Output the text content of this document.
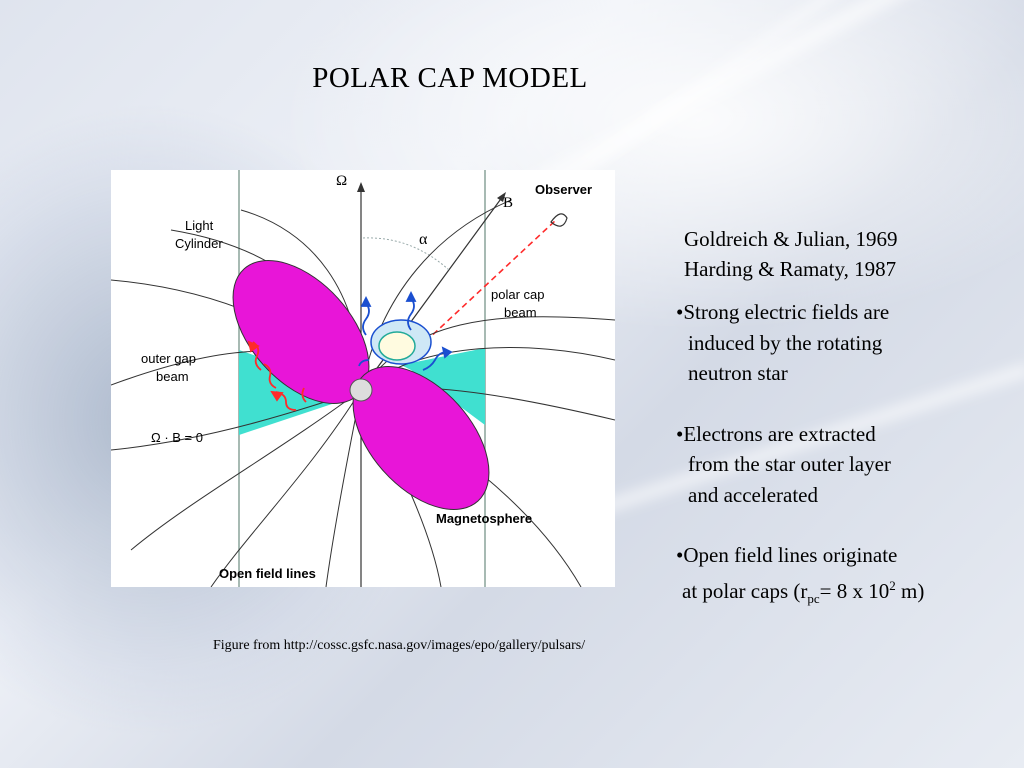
POLAR CAP MODEL
Ω
B
α
Observer
Light
Cylinder
polar cap
beam
outer gap
beam
Ω · B = 0
Magnetosphere
Open field lines
Figure from http://cossc.gsfc.nasa.gov/images/epo/gallery/pulsars/
Goldreich & Julian, 1969
Harding & Ramaty, 1987
•Strong electric fields are
induced by the rotating
neutron star
•Electrons are extracted
from the star outer layer
and accelerated
•Open field lines originate
at polar caps ($r_{pc}= 8$ x $10^2$ m)
